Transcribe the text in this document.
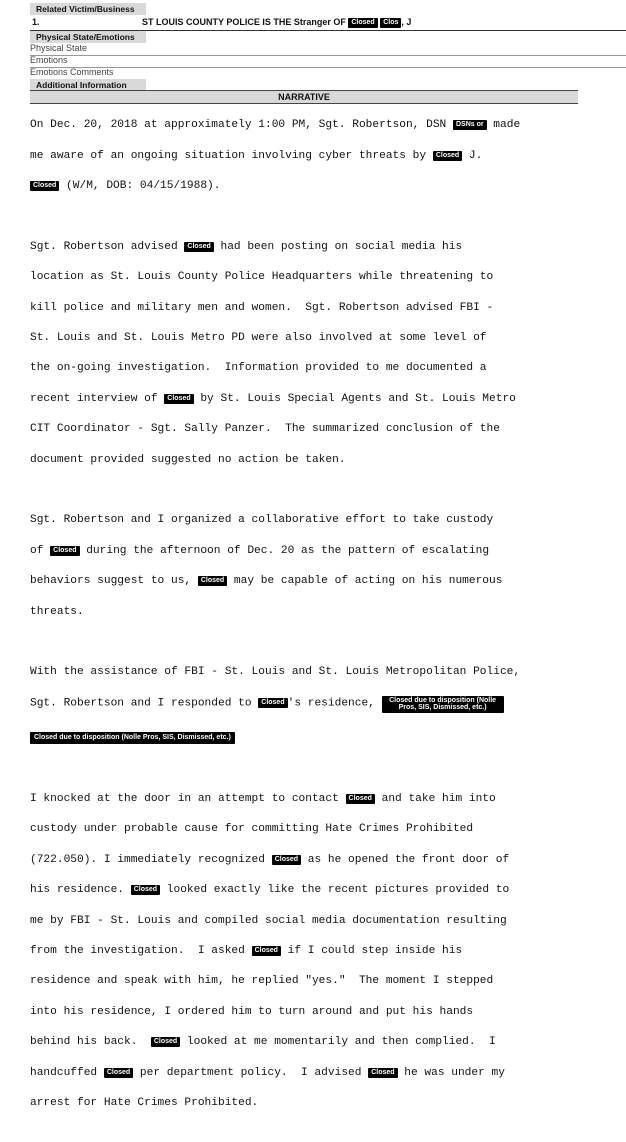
Related Victim/Business
1.	ST LOUIS COUNTY POLICE IS THE Stranger OF Closed Clos , J
Physical State/Emotions
Physical State
Emotions
Emotions Comments
Additional Information
NARRATIVE

On Dec. 20, 2018 at approximately 1:00 PM, Sgt. Robertson, DSN DSNs or made

me aware of an ongoing situation involving cyber threats by Closed J.

Closed (W/M, DOB: 04/15/1988).

Sgt. Robertson advised Closed had been posting on social media his

location as St. Louis County Police Headquarters while threatening to

kill police and military men and women.  Sgt. Robertson advised FBI -

St. Louis and St. Louis Metro PD were also involved at some level of

the on-going investigation.  Information provided to me documented a

recent interview of Closed by St. Louis Special Agents and St. Louis Metro

CIT Coordinator - Sgt. Sally Panzer.  The summarized conclusion of the

document provided suggested no action be taken.

Sgt. Robertson and I organized a collaborative effort to take custody

of Closed during the afternoon of Dec. 20 as the pattern of escalating

behaviors suggest to us, Closed may be capable of acting on his numerous

threats.

With the assistance of FBI - St. Louis and St. Louis Metropolitan Police,

Sgt. Robertson and I responded to Closed 's residence, Closed due to disposition (Nolle Pros, SIS, Dismissed, etc.)

Closed due to disposition (Nolle Pros, SIS, Dismissed, etc.)

I knocked at the door in an attempt to contact Closed and take him into

custody under probable cause for committing Hate Crimes Prohibited

(722.050). I immediately recognized Closed as he opened the front door of

his residence. Closed looked exactly like the recent pictures provided to

me by FBI - St. Louis and compiled social media documentation resulting

from the investigation.  I asked Closed if I could step inside his

residence and speak with him, he replied "yes."  The moment I stepped

into his residence, I ordered him to turn around and put his hands

behind his back.  Closed looked at me momentarily and then complied.  I

handcuffed Closed per department policy.  I advised Closed he was under my

arrest for Hate Crimes Prohibited.
